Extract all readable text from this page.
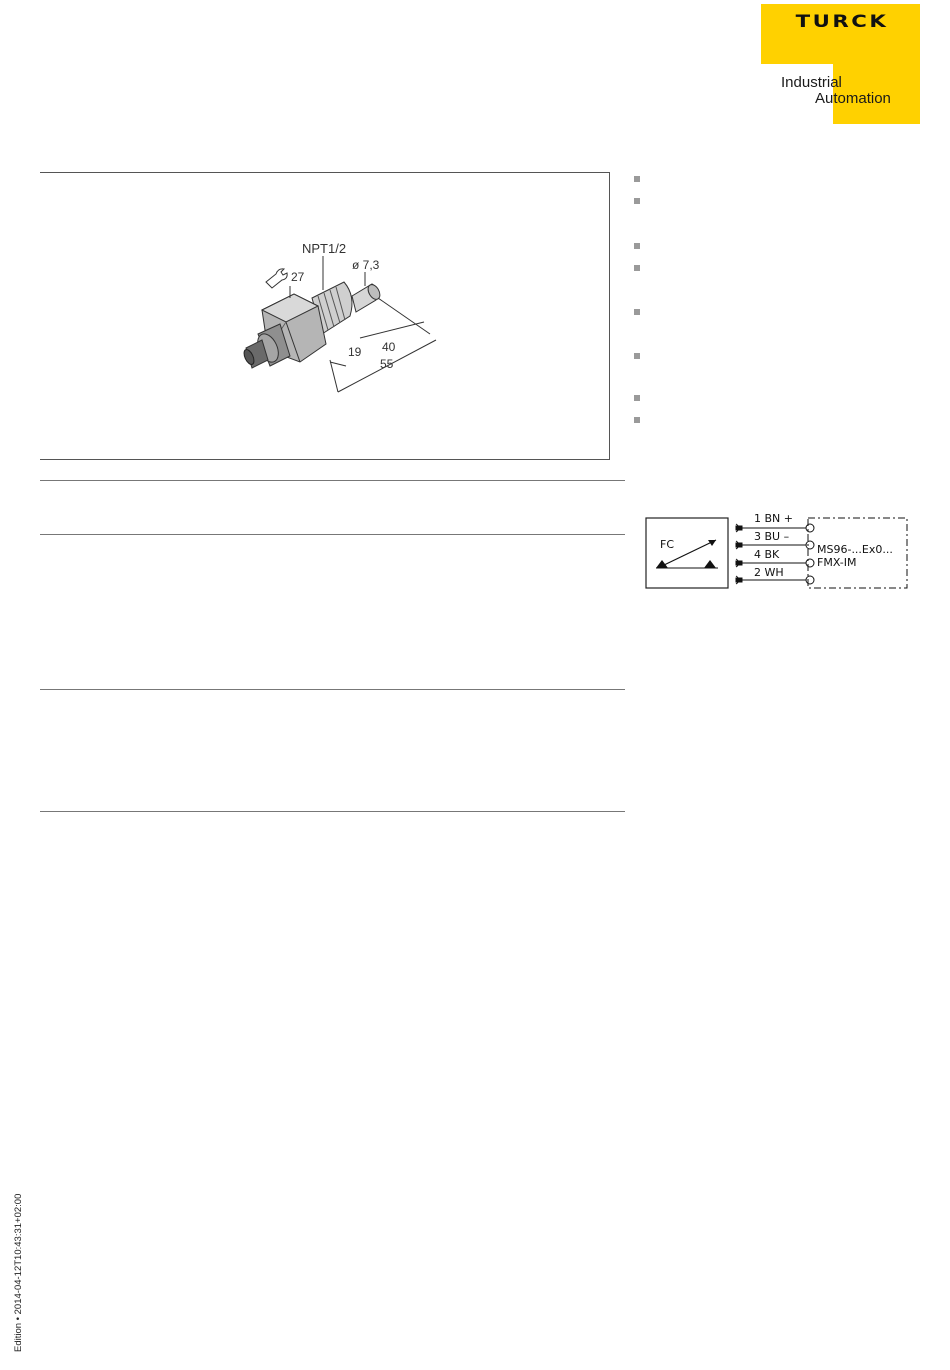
TURCK
Industrial
Automation
NPT1/2
ø 7,3
27
40
19
55
FC
1 BN +
3 BU –
4 BK
2 WH
MS96-...Ex0...
FMX-IM
Edition • 2014-04-12T10:43:31+02:00
